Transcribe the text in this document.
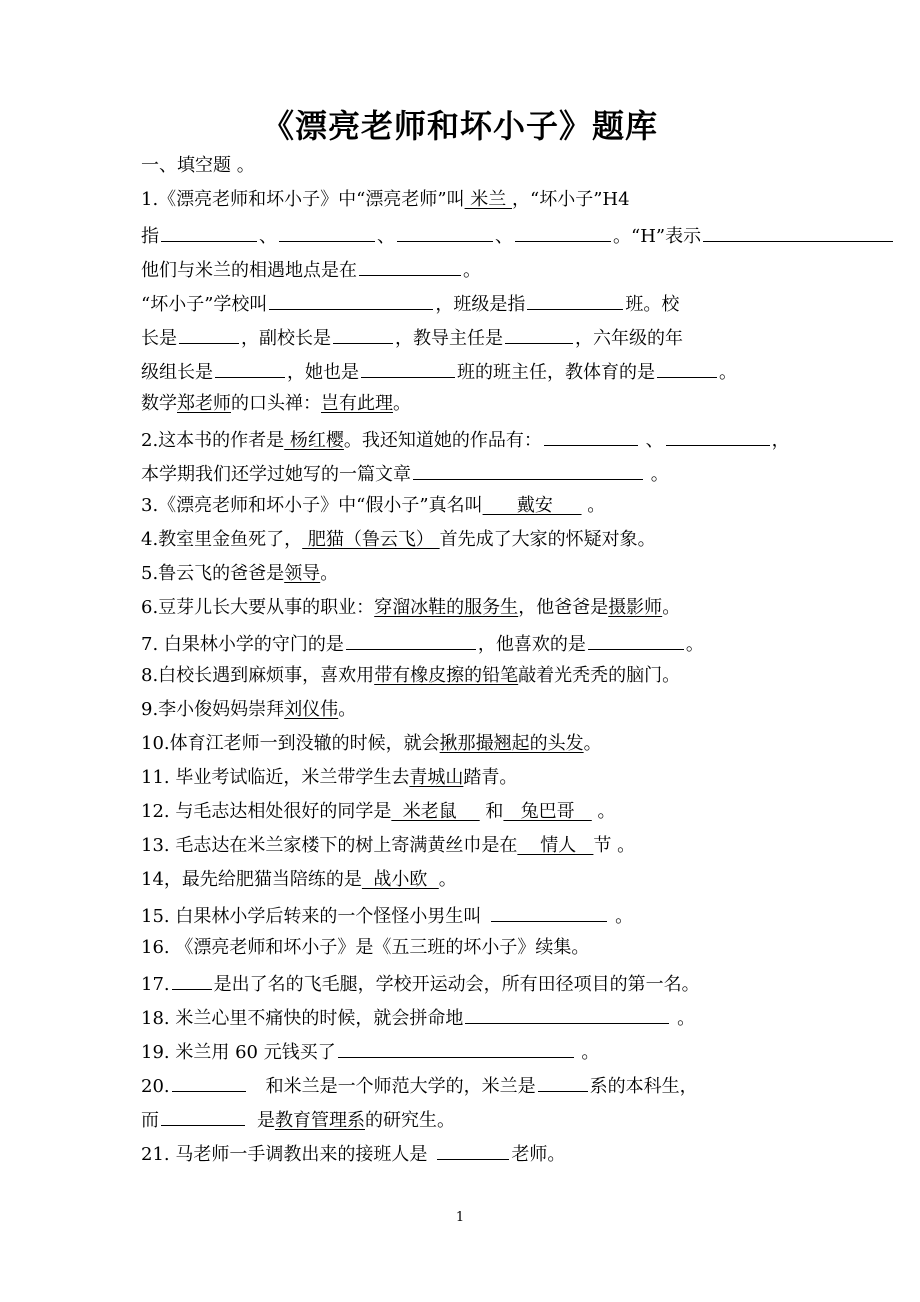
《漂亮老师和坏小子》题库
一、填空题 。
1.《漂亮老师和坏小子》中“漂亮老师”叫 米兰 ，“坏小子”H4
指	、	、	、	。“H”表示
他们与米兰的相遇地点是在	。
“坏小子”学校叫	，班级是指	班。校
长是	，副校长是	，教导主任是	，六年级的年
级组长是	，她也是	班的班主任，教体育的是	。
数学郑老师的口头禅：岂有此理。
2.这本书的作者是 杨红樱。我还知道她的作品有：	、	，
本学期我们还学过她写的一篇文章	。
3.《漂亮老师和坏小子》中“假小子”真名叫      戴安      。
4.教室里金鱼死了， 肥猫（鲁云飞） 首先成了大家的怀疑对象。
5.鲁云飞的爸爸是领导。
6.豆芽儿长大要从事的职业：穿溜冰鞋的服务生，他爸爸是摄影师。
7. 白果林小学的守门的是	，他喜欢的是	。
8.白校长遇到麻烦事，喜欢用带有橡皮擦的铅笔敲着光秃秃的脑门。
9.李小俊妈妈崇拜刘仪伟。
10.体育江老师一到没辙的时候，就会揪那撮翘起的头发。
11. 毕业考试临近，米兰带学生去青城山踏青。
12. 与毛志达相处很好的同学是  米老鼠     和   兔巴哥    。
13. 毛志达在米兰家楼下的树上寄满黄丝巾是在    情人   节 。
14，最先给肥猫当陪练的是  战小欧  。
15. 白果林小学后转来的一个怪怪小男生叫	。
16. 《漂亮老师和坏小子》是《五三班的坏小子》续集。
17. 是出了名的飞毛腿，学校开运动会，所有田径项目的第一名。
18. 米兰心里不痛快的时候，就会拼命地	。
19. 米兰用 60 元钱买了	。
20.	和米兰是一个师范大学的，米兰是	系的本科生，
而	是教育管理系的研究生。
21. 马老师一手调教出来的接班人是	老师。
1
